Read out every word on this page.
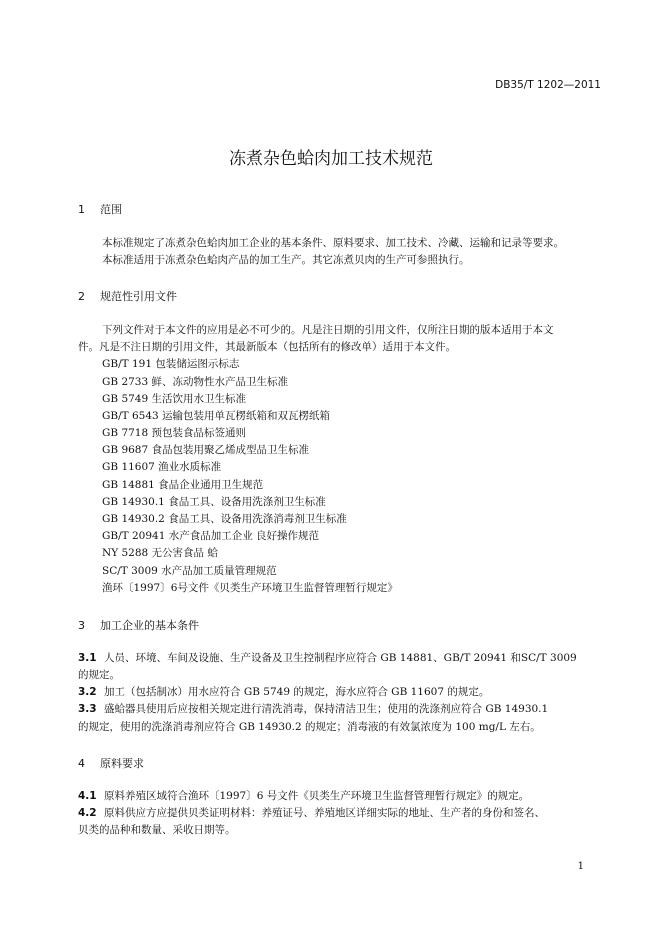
DB35/T 1202—2011
冻煮杂色蛤肉加工技术规范
1 范围
本标准规定了冻煮杂色蛤肉加工企业的基本条件、原料要求、加工技术、冷藏、运输和记录等要求。
本标准适用于冻煮杂色蛤肉产品的加工生产。其它冻煮贝肉的生产可参照执行。
2 规范性引用文件
下列文件对于本文件的应用是必不可少的。凡是注日期的引用文件，仅所注日期的版本适用于本文
件。凡是不注日期的引用文件，其最新版本（包括所有的修改单）适用于本文件。
GB/T 191 包装储运图示标志
GB 2733 鲜、冻动物性水产品卫生标准
GB 5749 生活饮用水卫生标准
GB/T 6543 运输包装用单瓦楞纸箱和双瓦楞纸箱
GB 7718 预包装食品标签通则
GB 9687 食品包装用聚乙烯成型品卫生标准
GB 11607 渔业水质标准
GB 14881 食品企业通用卫生规范
GB 14930.1 食品工具、设备用洗涤剂卫生标准
GB 14930.2 食品工具、设备用洗涤消毒剂卫生标准
GB/T 20941 水产食品加工企业 良好操作规范
NY 5288 无公害食品 蛤
SC/T 3009 水产品加工质量管理规范
渔环〔1997〕6号文件《贝类生产环境卫生监督管理暂行规定》
3 加工企业的基本条件
3.1 人员、环境、车间及设施、生产设备及卫生控制程序应符合 GB 14881、GB/T 20941 和SC/T 3009
的规定。
3.2 加工（包括制冰）用水应符合 GB 5749 的规定，海水应符合 GB 11607 的规定。
3.3 盛蛤器具使用后应按相关规定进行清洗消毒，保持清洁卫生；使用的洗涤剂应符合 GB 14930.1
的规定，使用的洗涤消毒剂应符合 GB 14930.2 的规定；消毒液的有效氯浓度为 100 mg/L 左右。
4 原料要求
4.1 原料养殖区域符合渔环〔1997〕6 号文件《贝类生产环境卫生监督管理暂行规定》的规定。
4.2 原料供应方应提供贝类证明材料：养殖证号、养殖地区详细实际的地址、生产者的身份和签名、
贝类的品种和数量、采收日期等。
1
